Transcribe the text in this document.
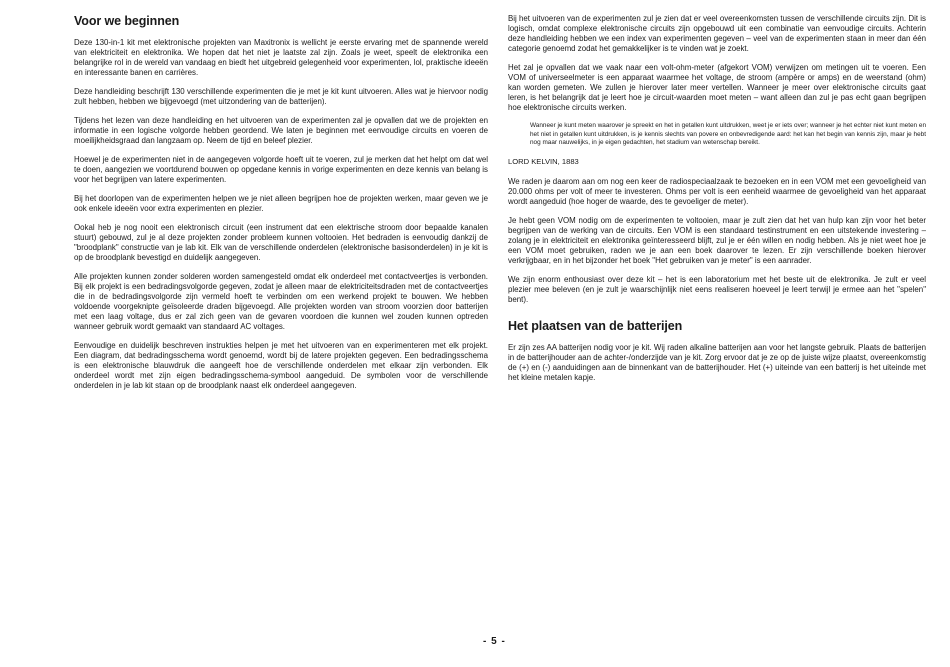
Voor we beginnen

Deze 130-in-1 kit met elektronische projekten van Maxitronix is wellicht je eerste ervaring met de spannende wereld van elektriciteit en elektronika. We hopen dat het niet je laatste zal zijn. Zoals je weet, speelt de elektronika een belangrijke rol in de wereld van vandaag en biedt het uitgebreid gelegenheid voor experimenten, lol, praktische ideeën en interessante banen en carrières.

Deze handleiding beschrijft 130 verschillende experimenten die je met je kit kunt uitvoeren. Alles wat je hiervoor nodig zult hebben, hebben we bijgevoegd (met uitzondering van de batterijen).

Tijdens het lezen van deze handleiding en het uitvoeren van de experimenten zal je opvallen dat we de projekten en informatie in een logische volgorde hebben geordend. We laten je beginnen met eenvoudige circuits en voeren de moeilijkheidsgraad dan langzaam op. Neem de tijd en beleef plezier.

Hoewel je de experimenten niet in de aangegeven volgorde hoeft uit te voeren, zul je merken dat het helpt om dat wel te doen, aangezien we voortdurend bouwen op opgedane kennis in vorige experimenten en deze kennis van belang is voor het begrijpen van latere experimenten.

Bij het doorlopen van de experimenten helpen we je niet alleen begrijpen hoe de projekten werken, maar geven we je ook enkele ideeën voor extra experimenten en plezier.

Ookal heb je nog nooit een elektronisch circuit (een instrument dat een elektrische stroom door bepaalde kanalen stuurt) gebouwd, zul je al deze projekten zonder probleem kunnen voltooien. Het bedraden is eenvoudig dankzij de "broodplank" constructie van je lab kit. Elk van de verschillende onderdelen (elektronische basisonderdelen) in je kit is op de broodplank bevestigd en duidelijk aangegeven.

Alle projekten kunnen zonder solderen worden samengesteld omdat elk onderdeel met contactveertjes is verbonden. Bij elk projekt is een bedradingsvolgorde gegeven, zodat je alleen maar de elektriciteitsdraden met de contactveertjes die in de bedradingsvolgorde zijn vermeld hoeft te verbinden om een werkend projekt te bouwen. We hebben voldoende voorgeknipte geïsoleerde draden bijgevoegd. Alle projekten worden van stroom voorzien door batterijen met een laag voltage, dus er zal zich geen van de gevaren voordoen die kunnen wel zouden kunnen optreden wanneer gebruik wordt gemaakt van standaard AC voltages.

Eenvoudige en duidelijk beschreven instrukties helpen je met het uitvoeren van en experimenteren met elk projekt. Een diagram, dat bedradingsschema wordt genoemd, wordt bij de latere projekten gegeven. Een bedradingsschema is een elektronische blauwdruk die aangeeft hoe de verschillende onderdelen met elkaar zijn verbonden. Elk onderdeel wordt met zijn eigen bedradingsschema-symbool aangeduid. De symbolen voor de verschillende onderdelen in je lab kit staan op de broodplank naast elk onderdeel aangegeven.

Bij het uitvoeren van de experimenten zul je zien dat er veel overeenkomsten tussen de verschillende circuits zijn. Dit is logisch, omdat complexe elektronische circuits zijn opgebouwd uit een combinatie van eenvoudige circuits. Achterin deze handleiding hebben we een index van experimenten gegeven – veel van de experimenten staan in meer dan één categorie genoemd zodat het gemakkelijker is te vinden wat je zoekt.

Het zal je opvallen dat we vaak naar een volt-ohm-meter (afgekort VOM) verwijzen om metingen uit te voeren. Een VOM of universeelmeter is een apparaat waarmee het voltage, de stroom (ampère or amps) en de weerstand (ohm) kan worden gemeten. We zullen je hierover later meer vertellen. Wanneer je meer over elektronische circuits gaat leren, is het belangrijk dat je leert hoe je circuit-waarden moet meten – want alleen dan zul je pas echt gaan begrijpen hoe elektronische circuits werken.

Wanneer je kunt meten waarover je spreekt en het in getallen kunt uitdrukken, weet je er iets over; wanneer je het echter niet kunt meten en het niet in getallen kunt uitdrukken, is je kennis slechts van povere en onbevredigende aard: het kan het begin van kennis zijn, maar je hebt nog maar nauwelijks, in je eigen gedachten, het stadium van wetenschap bereikt.

LORD KELVIN, 1883

We raden je daarom aan om nog een keer de radiospeciaalzaak te bezoeken en in een VOM met een gevoeligheid van 20.000 ohms per volt of meer te investeren. Ohms per volt is een eenheid waarmee de gevoeligheid van het apparaat wordt aangeduid (hoe hoger de waarde, des te gevoeliger de meter).

Je hebt geen VOM nodig om de experimenten te voltooien, maar je zult zien dat het van hulp kan zijn voor het beter begrijpen van de werking van de circuits. Een VOM is een standaard testinstrument en een uitstekende investering – zolang je in elektriciteit en elektronika geïnteresseerd blijft, zul je er één willen en nodig hebben. Als je niet weet hoe je een VOM moet gebruiken, raden we je aan een boek daarover te lezen. Er zijn verschillende boeken hierover verkrijgbaar, en in het bijzonder het boek "Het gebruiken van je meter" is een aanrader.

We zijn enorm enthousiast over deze kit – het is een laboratorium met het beste uit de elektronika. Je zult er veel plezier mee beleven (en je zult je waarschijnlijk niet eens realiseren hoeveel je leert terwijl je ermee aan het "spelen" bent).

Het plaatsen van de batterijen

Er zijn zes AA batterijen nodig voor je kit. Wij raden alkaline batterijen aan voor het langste gebruik. Plaats de batterijen in de batterijhouder aan de achter-/onderzijde van je kit. Zorg ervoor dat je ze op de juiste wijze plaatst, overeenkomstig de (+) en (-) aanduidingen aan de binnenkant van de batterijhouder. Het (+) uiteinde van een batterij is het uiteinde met het kleine metalen kapje.

- 5 -
